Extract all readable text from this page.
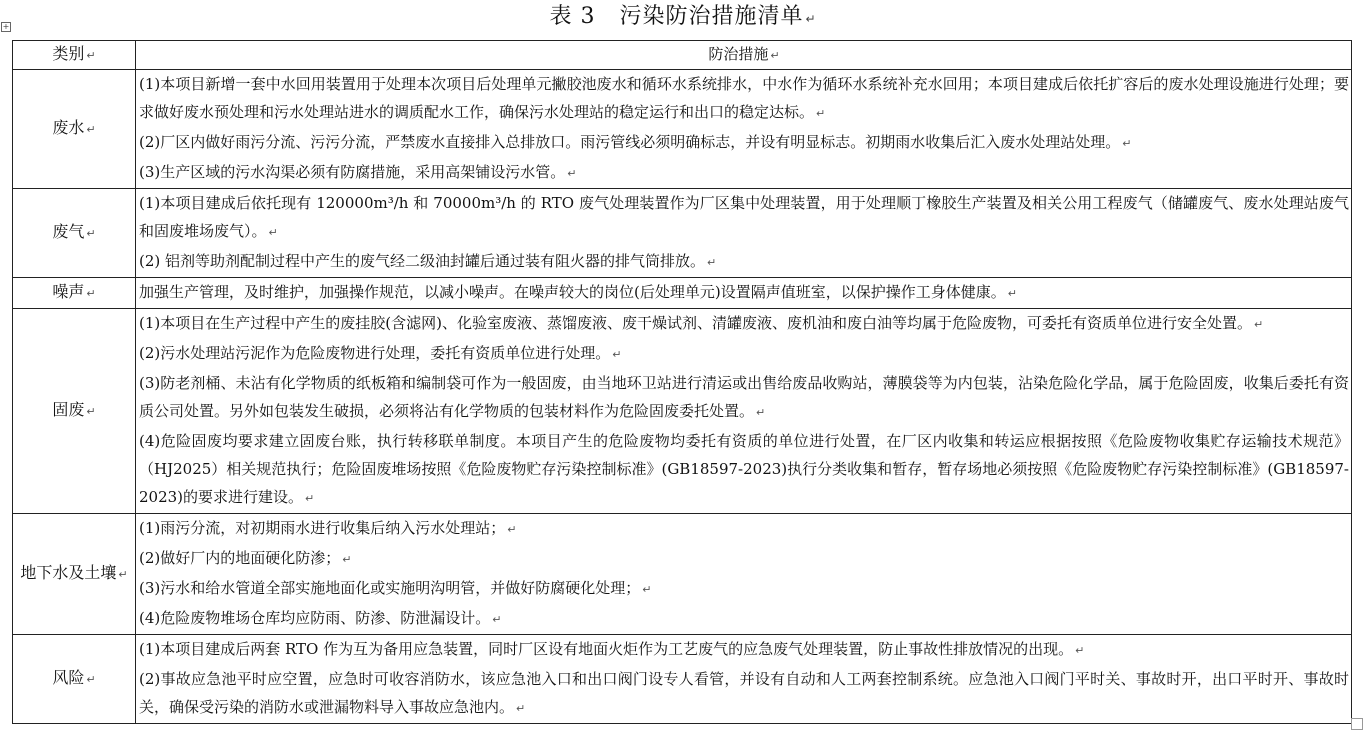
+	表 3 污染防治措施清单 ↵
类别 ↵	防治措施 ↵
废水 ↵	(1)本项目新增一套中水回用装置用于处理本次项目后处理单元撇胶池废水和循环水系统排水，中水作为循环水系统补充水回用；本项目建成后依托扩容后的废水处理设施进行处理；要求做好废水预处理和污水处理站进水的调质配水工作，确保污水处理站的稳定运行和出口的稳定达标。 ↵

(2)厂区内做好雨污分流、污污分流，严禁废水直接排入总排放口。雨污管线必须明确标志，并设有明显标志。初期雨水收集后汇入废水处理站处理。 ↵

(3)生产区域的污水沟渠必须有防腐措施，采用高架铺设污水管。 ↵

废气 ↵	(1)本项目建成后依托现有 120000m³/h 和 70000m³/h 的 RTO 废气处理装置作为厂区集中处理装置，用于处理顺丁橡胶生产装置及相关公用工程废气（储罐废气、废水处理站废气和固废堆场废气）。 ↵

(2) 铝剂等助剂配制过程中产生的废气经二级油封罐后通过装有阻火器的排气筒排放。 ↵

噪声 ↵	加强生产管理，及时维护，加强操作规范，以减小噪声。在噪声较大的岗位(后处理单元)设置隔声值班室，以保护操作工身体健康。 ↵

固废 ↵	(1)本项目在生产过程中产生的废挂胶(含滤网)、化验室废液、蒸馏废液、废干燥试剂、清罐废液、废机油和废白油等均属于危险废物，可委托有资质单位进行安全处置。 ↵

(2)污水处理站污泥作为危险废物进行处理，委托有资质单位进行处理。 ↵

(3)防老剂桶、未沾有化学物质的纸板箱和编制袋可作为一般固废，由当地环卫站进行清运或出售给废品收购站，薄膜袋等为内包装，沾染危险化学品，属于危险固废，收集后委托有资质公司处置。另外如包装发生破损，必须将沾有化学物质的包装材料作为危险固废委托处置。 ↵

(4)危险固废均要求建立固废台账，执行转移联单制度。本项目产生的危险废物均委托有资质的单位进行处置，在厂区内收集和转运应根据按照《危险废物收集贮存运输技术规范》（HJ2025）相关规范执行；危险固废堆场按照《危险废物贮存污染控制标准》(GB18597-2023)执行分类收集和暂存，暂存场地必须按照《危险废物贮存污染控制标准》(GB18597-2023)的要求进行建设。 ↵

地下水及土壤 ↵	(1)雨污分流，对初期雨水进行收集后纳入污水处理站； ↵

(2)做好厂内的地面硬化防渗； ↵

(3)污水和给水管道全部实施地面化或实施明沟明管，并做好防腐硬化处理； ↵

(4)危险废物堆场仓库均应防雨、防渗、防泄漏设计。 ↵

风险 ↵	(1)本项目建成后两套 RTO 作为互为备用应急装置，同时厂区设有地面火炬作为工艺废气的应急废气处理装置，防止事故性排放情况的出现。 ↵

(2)事故应急池平时应空置，应急时可收容消防水，该应急池入口和出口阀门设专人看管，并设有自动和人工两套控制系统。应急池入口阀门平时关、事故时开，出口平时开、事故时关，确保受污染的消防水或泄漏物料导入事故应急池内。 ↵
